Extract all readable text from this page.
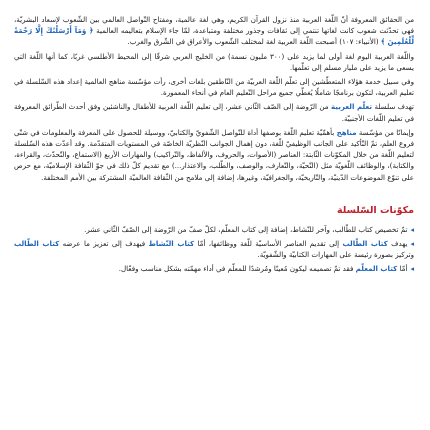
من الحقائق المعروفة أنّ اللّغة العربية منذ نزول القرآن الكريم، وهي لغة عالمية، ومفتاح التّواصل العالمي بين الشّعوب لإسعاد البشريّة، فهي تحدّثت شعوب كانت لغاتها تنتمي إلى ثقافات وجذور مختلفة ومتباعدة، لمّا جاء الإسلام بتعاليمه العالمية ﴿ وَمَآ أَرْسَلْنَٰكَ إِلَّا رَحْمَةً لِّلْعَٰلَمِينَ ﴾ (الأنبياء: ١٠٧) أصبحت اللّغة العربية لغة لمختلف الشّعوب والأعراق في الشّرق والغرب.

واللّغة العربية اليوم لغة أولى لما يزيد على (٣٠٠ مليون نسمة) من الخليج العربي شرقًا إلى المحيط الأطلسي غربًا، كما أنها اللّغة التي يسعى ما يزيد على مليار مسلم إلى تعلّمها.

وفي سبيل خدمة هؤلاء المتعطّشين إلى تعلّم اللّغة العربيّة من النّاطقين بلغات أخرى، رأت مؤسّسة مناهج العالمية إعداد هذه السّلسلة في تعليم العربية، لتكون برنامجًا شاملًا يُغطّي جميع مراحل التّعليم العام في أنحاء المعمورة.

تهدف سلسلة تعلّم العربية من الرّوضة إلى الصّف الثّاني عشر، إلى تعليم اللّغة العربية للأطفال والناشئين وفق أحدث الطّرائق المعروفة في تعليم اللّغات الأجنبيّة.

وإيمانًا من مؤسّسة مناهج بأهمّيّة تعليم اللّغة بوصفها أداة للتّواصل الشّفويّ والكتابيّ، ووسيلة للحصول على المعرفة والمعلومات في شتّى فروع العلم، تمّ التّأكيد على الجانب الوظيفيّ للّغة، دون إهمال الجوانب النّظريّة الخاصّة في المستويات المتقدّمة. وقد أعدّت هذه السّلسلة لتعليم اللّغة من خلال المكوّنات الثّابتة: العناصر (الأصوات، والحروف، والألفاظ، والتّراكيب) والمهارات الأربع (الاستماع، والتّحدّث، والقراءة، والكتابة)، والوظائف اللّغويّة مثل (التّحيّة، والتّعارف، والوصف، والطّلب، والاعتذار...) مع تقديم كلّ ذلك في جوّ الثّقافة الإسلاميّة، مع حرص على تنوّع الموضوعات الدّينيّة، والتّاريخيّة، والجغرافيّة، وغيرها، إضافة إلى ملامح من الثّقافة العالميّة المشتركة بين الأمم المختلفة.

مكوّنات السّلسلة

◂تمّ تخصيص كتاب للطّالب، وآخر للنّشاط، إضافة إلى كتاب المعلّم، لكلّ صفّ من الرّوضة إلى الصّفّ الثّاني عشر.

◂يهدف كتاب الطّالب إلى تقديم العناصر الأساسيّة للّغة ووظائفها، أمّا كتاب النّشاط فيهدف إلى تعزيز ما عرضه كتاب الطّالب وتركيز بصورة رئيسة على المهارات الكتابيّة والشّفويّة.

◂أمّا كتاب المعلّم فقد تمّ تصميمه ليكون مُعينًا ومُرشدًا للمعلّم في أداء مهمّته بشكل مناسب وفعّال.
